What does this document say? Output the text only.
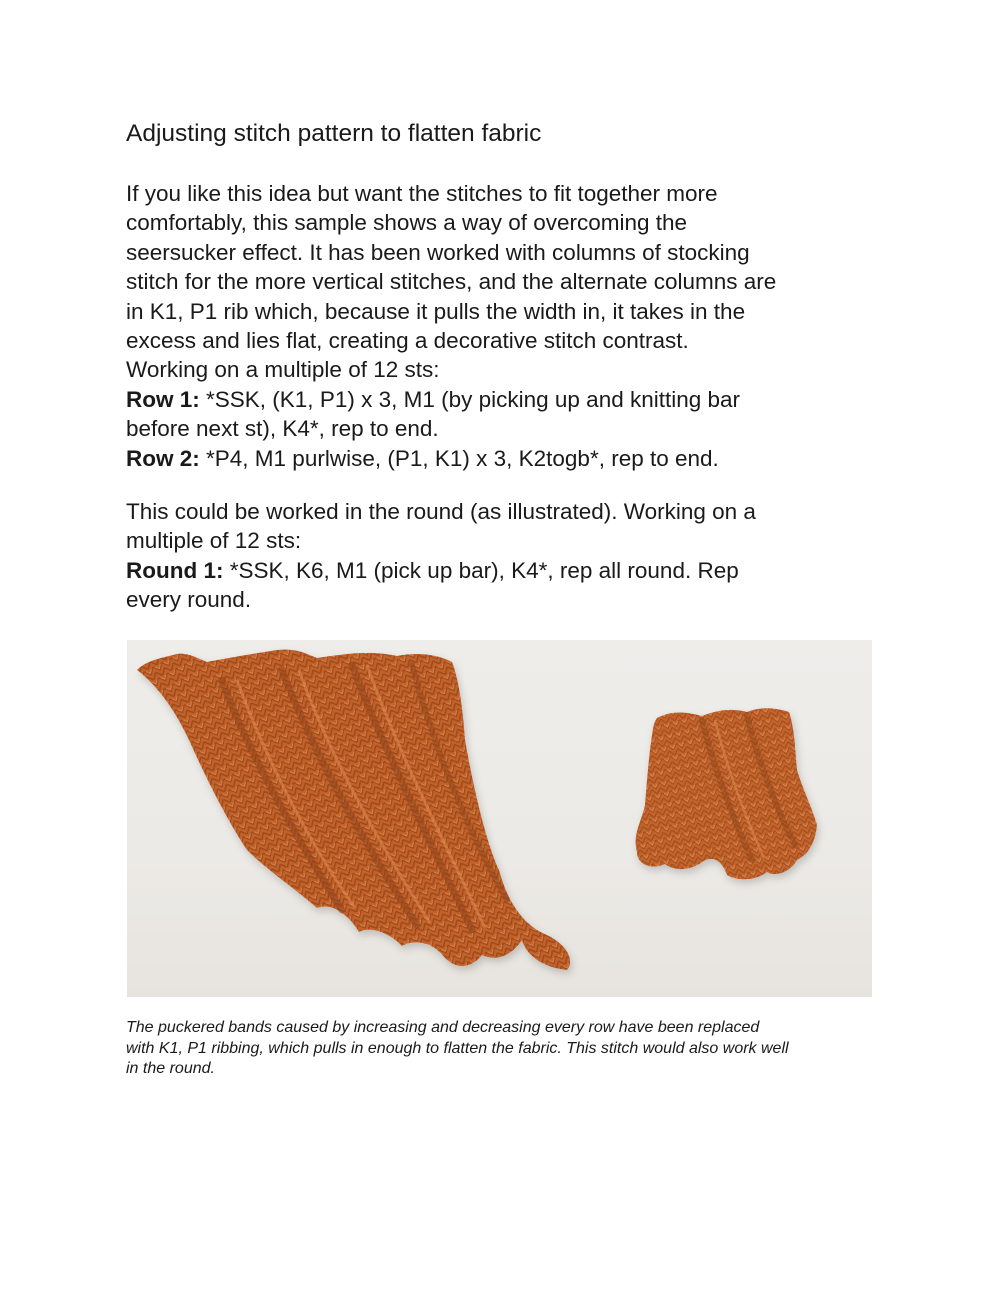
Adjusting stitch pattern to flatten fabric
If you like this idea but want the stitches to fit together more
comfortably, this sample shows a way of overcoming the
seersucker effect. It has been worked with columns of stocking
stitch for the more vertical stitches, and the alternate columns are
in K1, P1 rib which, because it pulls the width in, it takes in the
excess and lies flat, creating a decorative stitch contrast.
Working on a multiple of 12 sts:
Row 1: *SSK, (K1, P1) x 3, M1 (by picking up and knitting bar
before next st), K4*, rep to end.
Row 2: *P4, M1 purlwise, (P1, K1) x 3, K2togb*, rep to end.
This could be worked in the round (as illustrated). Working on a
multiple of 12 sts:
Round 1: *SSK, K6, M1 (pick up bar), K4*, rep all round. Rep
every round.
The puckered bands caused by increasing and decreasing every row have been replaced
with K1, P1 ribbing, which pulls in enough to flatten the fabric. This stitch would also work well
in the round.
